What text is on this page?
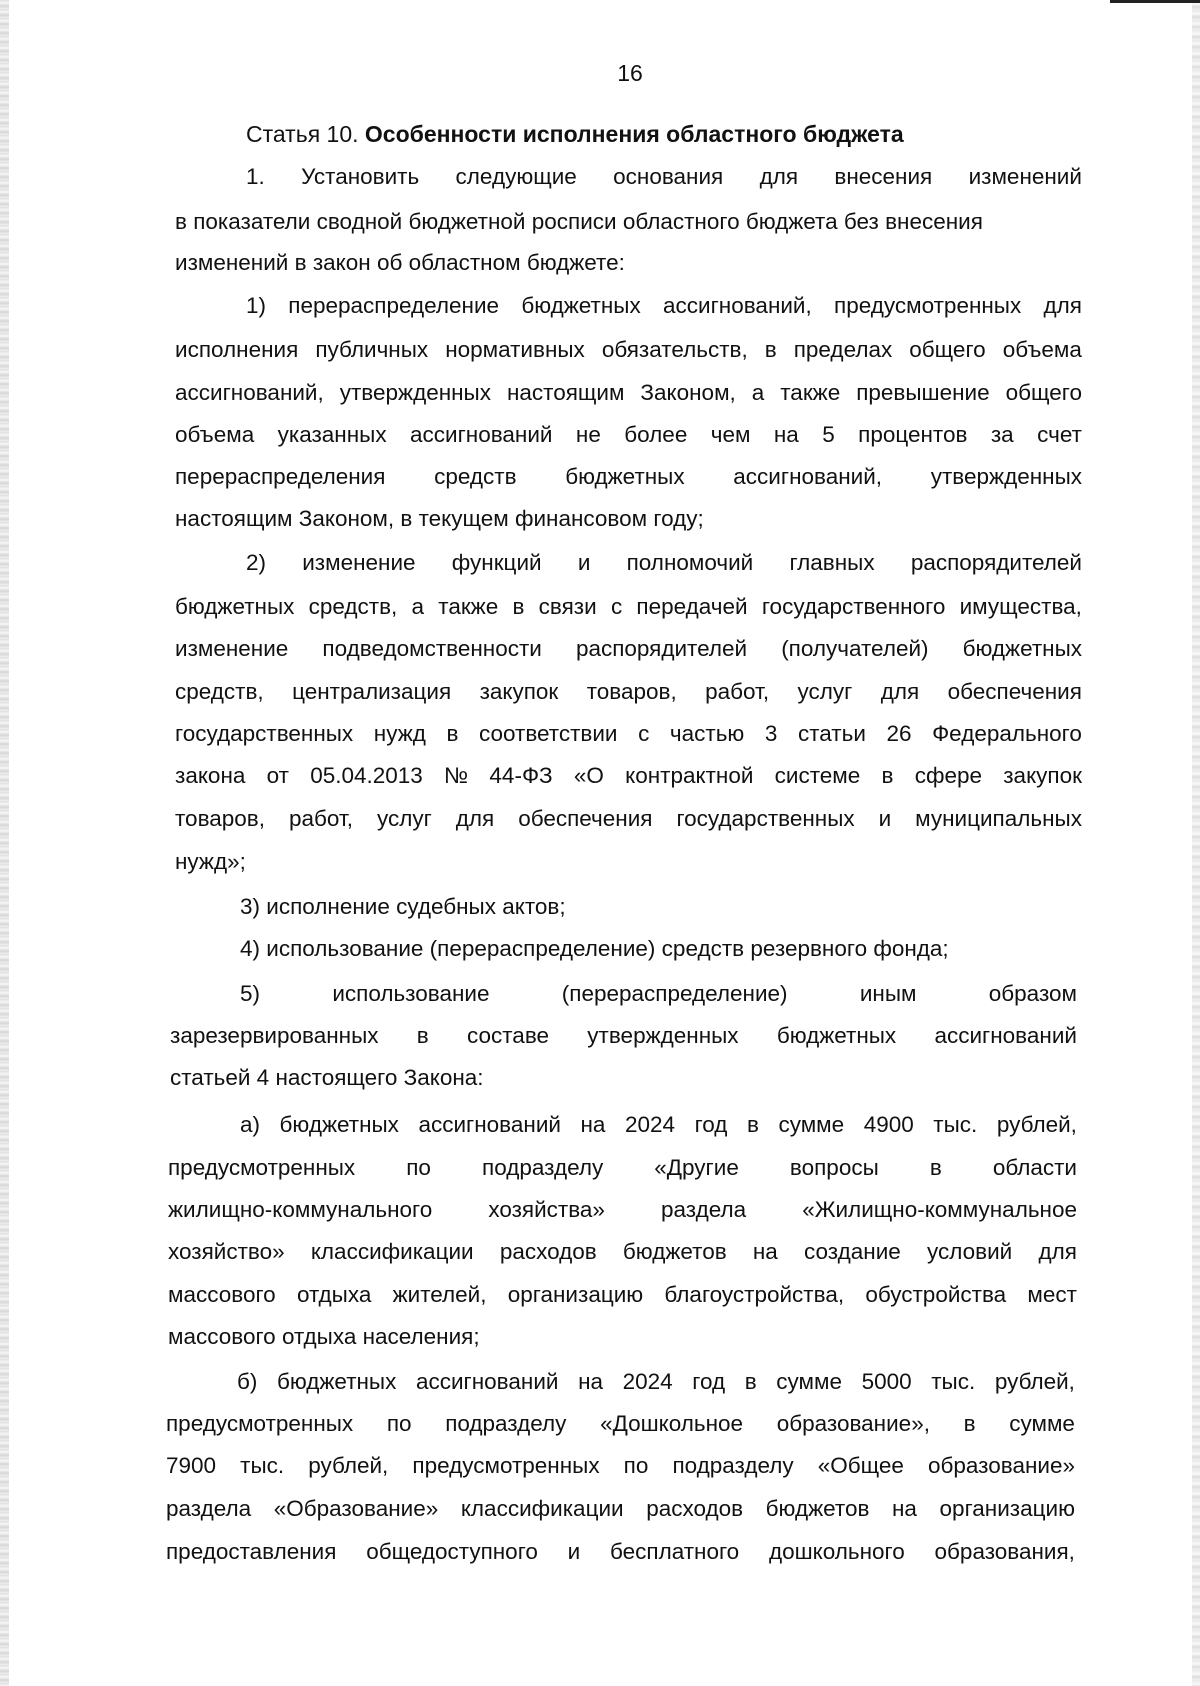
16
Статья 10. Особенности исполнения областного бюджета
1. Установить следующие основания для внесения изменений
в показатели сводной бюджетной росписи областного бюджета без внесения
изменений в закон об областном бюджете:
1) перераспределение бюджетных ассигнований, предусмотренных для
исполнения публичных нормативных обязательств, в пределах общего объема
ассигнований, утвержденных настоящим Законом, а также превышение общего
объема указанных ассигнований не более чем на 5 процентов за счет
перераспределения средств бюджетных ассигнований, утвержденных
настоящим Законом, в текущем финансовом году;
2) изменение функций и полномочий главных распорядителей
бюджетных средств, а также в связи с передачей государственного имущества,
изменение подведомственности распорядителей (получателей) бюджетных
средств, централизация закупок товаров, работ, услуг для обеспечения
государственных нужд в соответствии с частью 3 статьи 26 Федерального
закона от 05.04.2013 № 44-ФЗ «О контрактной системе в сфере закупок
товаров, работ, услуг для обеспечения государственных и муниципальных
нужд»;
3) исполнение судебных актов;
4) использование (перераспределение) средств резервного фонда;
5)	использование	(перераспределение)	иным	образом
зарезервированных в составе утвержденных бюджетных ассигнований
статьей 4 настоящего Закона:
а) бюджетных ассигнований на 2024 год в сумме 4900 тыс. рублей,
предусмотренных по подразделу «Другие вопросы в области
жилищно-коммунального хозяйства» раздела «Жилищно-коммунальное
хозяйство» классификации расходов бюджетов на создание условий для
массового отдыха жителей, организацию благоустройства, обустройства мест
массового отдыха населения;
б) бюджетных ассигнований на 2024 год в сумме 5000 тыс. рублей,
предусмотренных по подразделу «Дошкольное образование», в сумме
7900 тыс. рублей, предусмотренных по подразделу «Общее образование»
раздела «Образование» классификации расходов бюджетов на организацию
предоставления общедоступного и бесплатного дошкольного образования,
